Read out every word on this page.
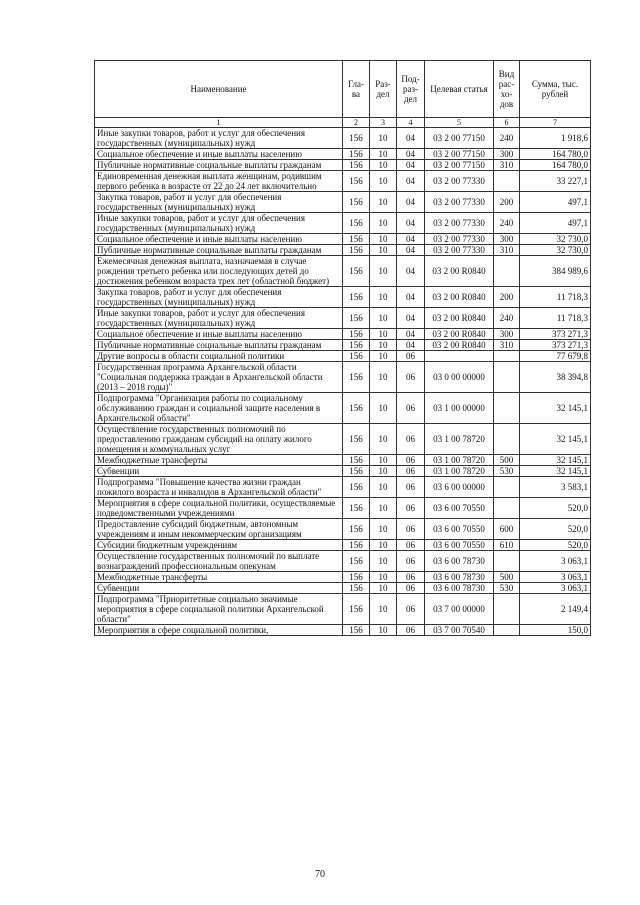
Наименование	Гла-ва	Раз-дел	Под-раз-дел	Целевая статья	Вид рас-хо-дов	Сумма, тыс. рублей
1	2	3	4	5	6	7
Иные закупки товаров, работ и услуг для обеспечения государственных (муниципальных) нужд	156	10	04	03 2 00 77150	240	1 918,6
Социальное обеспечение и иные выплаты населению	156	10	04	03 2 00 77150	300	164 780,0
Публичные нормативные социальные выплаты гражданам	156	10	04	03 2 00 77150	310	164 780,0
Единовременная денежная выплата женщинам, родившим первого ребенка в возрасте от 22 до 24 лет включительно	156	10	04	03 2 00 77330		33 227,1
Закупка товаров, работ и услуг для обеспечения государственных (муниципальных) нужд	156	10	04	03 2 00 77330	200	497,1
Иные закупки товаров, работ и услуг для обеспечения государственных (муниципальных) нужд	156	10	04	03 2 00 77330	240	497,1
Социальное обеспечение и иные выплаты населению	156	10	04	03 2 00 77330	300	32 730,0
Публичные нормативные социальные выплаты гражданам	156	10	04	03 2 00 77330	310	32 730,0
Ежемесячная денежная выплата, назначаемая в случае рождения третьего ребенка или последующих детей до достижения ребенком возраста трех лет (областной бюджет)	156	10	04	03 2 00 R0840		384 989,6
Закупка товаров, работ и услуг для обеспечения государственных (муниципальных) нужд	156	10	04	03 2 00 R0840	200	11 718,3
Иные закупки товаров, работ и услуг для обеспечения государственных (муниципальных) нужд	156	10	04	03 2 00 R0840	240	11 718,3
Социальное обеспечение и иные выплаты населению	156	10	04	03 2 00 R0840	300	373 271,3
Публичные нормативные социальные выплаты гражданам	156	10	04	03 2 00 R0840	310	373 271,3
Другие вопросы в области социальной политики	156	10	06			77 679,8
Государственная программа Архангельской области "Социальная поддержка граждан в Архангельской области (2013 – 2018 годы)"	156	10	06	03 0 00 00000		38 394,8
Подпрограмма "Организация работы по социальному обслуживанию граждан и социальной защите населения в Архангельской области"	156	10	06	03 1 00 00000		32 145,1
Осуществление государственных полномочий по предоставлению гражданам субсидий на оплату жилого помещения и коммунальных услуг	156	10	06	03 1 00 78720		32 145,1
Межбюджетные трансферты	156	10	06	03 1 00 78720	500	32 145,1
Субвенции	156	10	06	03 1 00 78720	530	32 145,1
Подпрограмма "Повышение качества жизни граждан пожилого возраста и инвалидов в Архангельской области"	156	10	06	03 6 00 00000		3 583,1
Мероприятия в сфере социальной политики, осуществляемые подведомственными учреждениями	156	10	06	03 6 00 70550		520,0
Предоставление субсидий бюджетным, автономным учреждениям и иным некоммерческим организациям	156	10	06	03 6 00 70550	600	520,0
Субсидии бюджетным учреждениям	156	10	06	03 6 00 70550	610	520,0
Осуществление государственных полномочий по выплате вознаграждений профессиональным опекунам	156	10	06	03 6 00 78730		3 063,1
Межбюджетные трансферты	156	10	06	03 6 00 78730	500	3 063,1
Субвенции	156	10	06	03 6 00 78730	530	3 063,1
Подпрограмма "Приоритетные социально значимые мероприятия в сфере социальной политики Архангельской области"	156	10	06	03 7 00 00000		2 149,4
Мероприятия в сфере социальной политики,	156	10	06	03 7 00 70540		150,0
70
